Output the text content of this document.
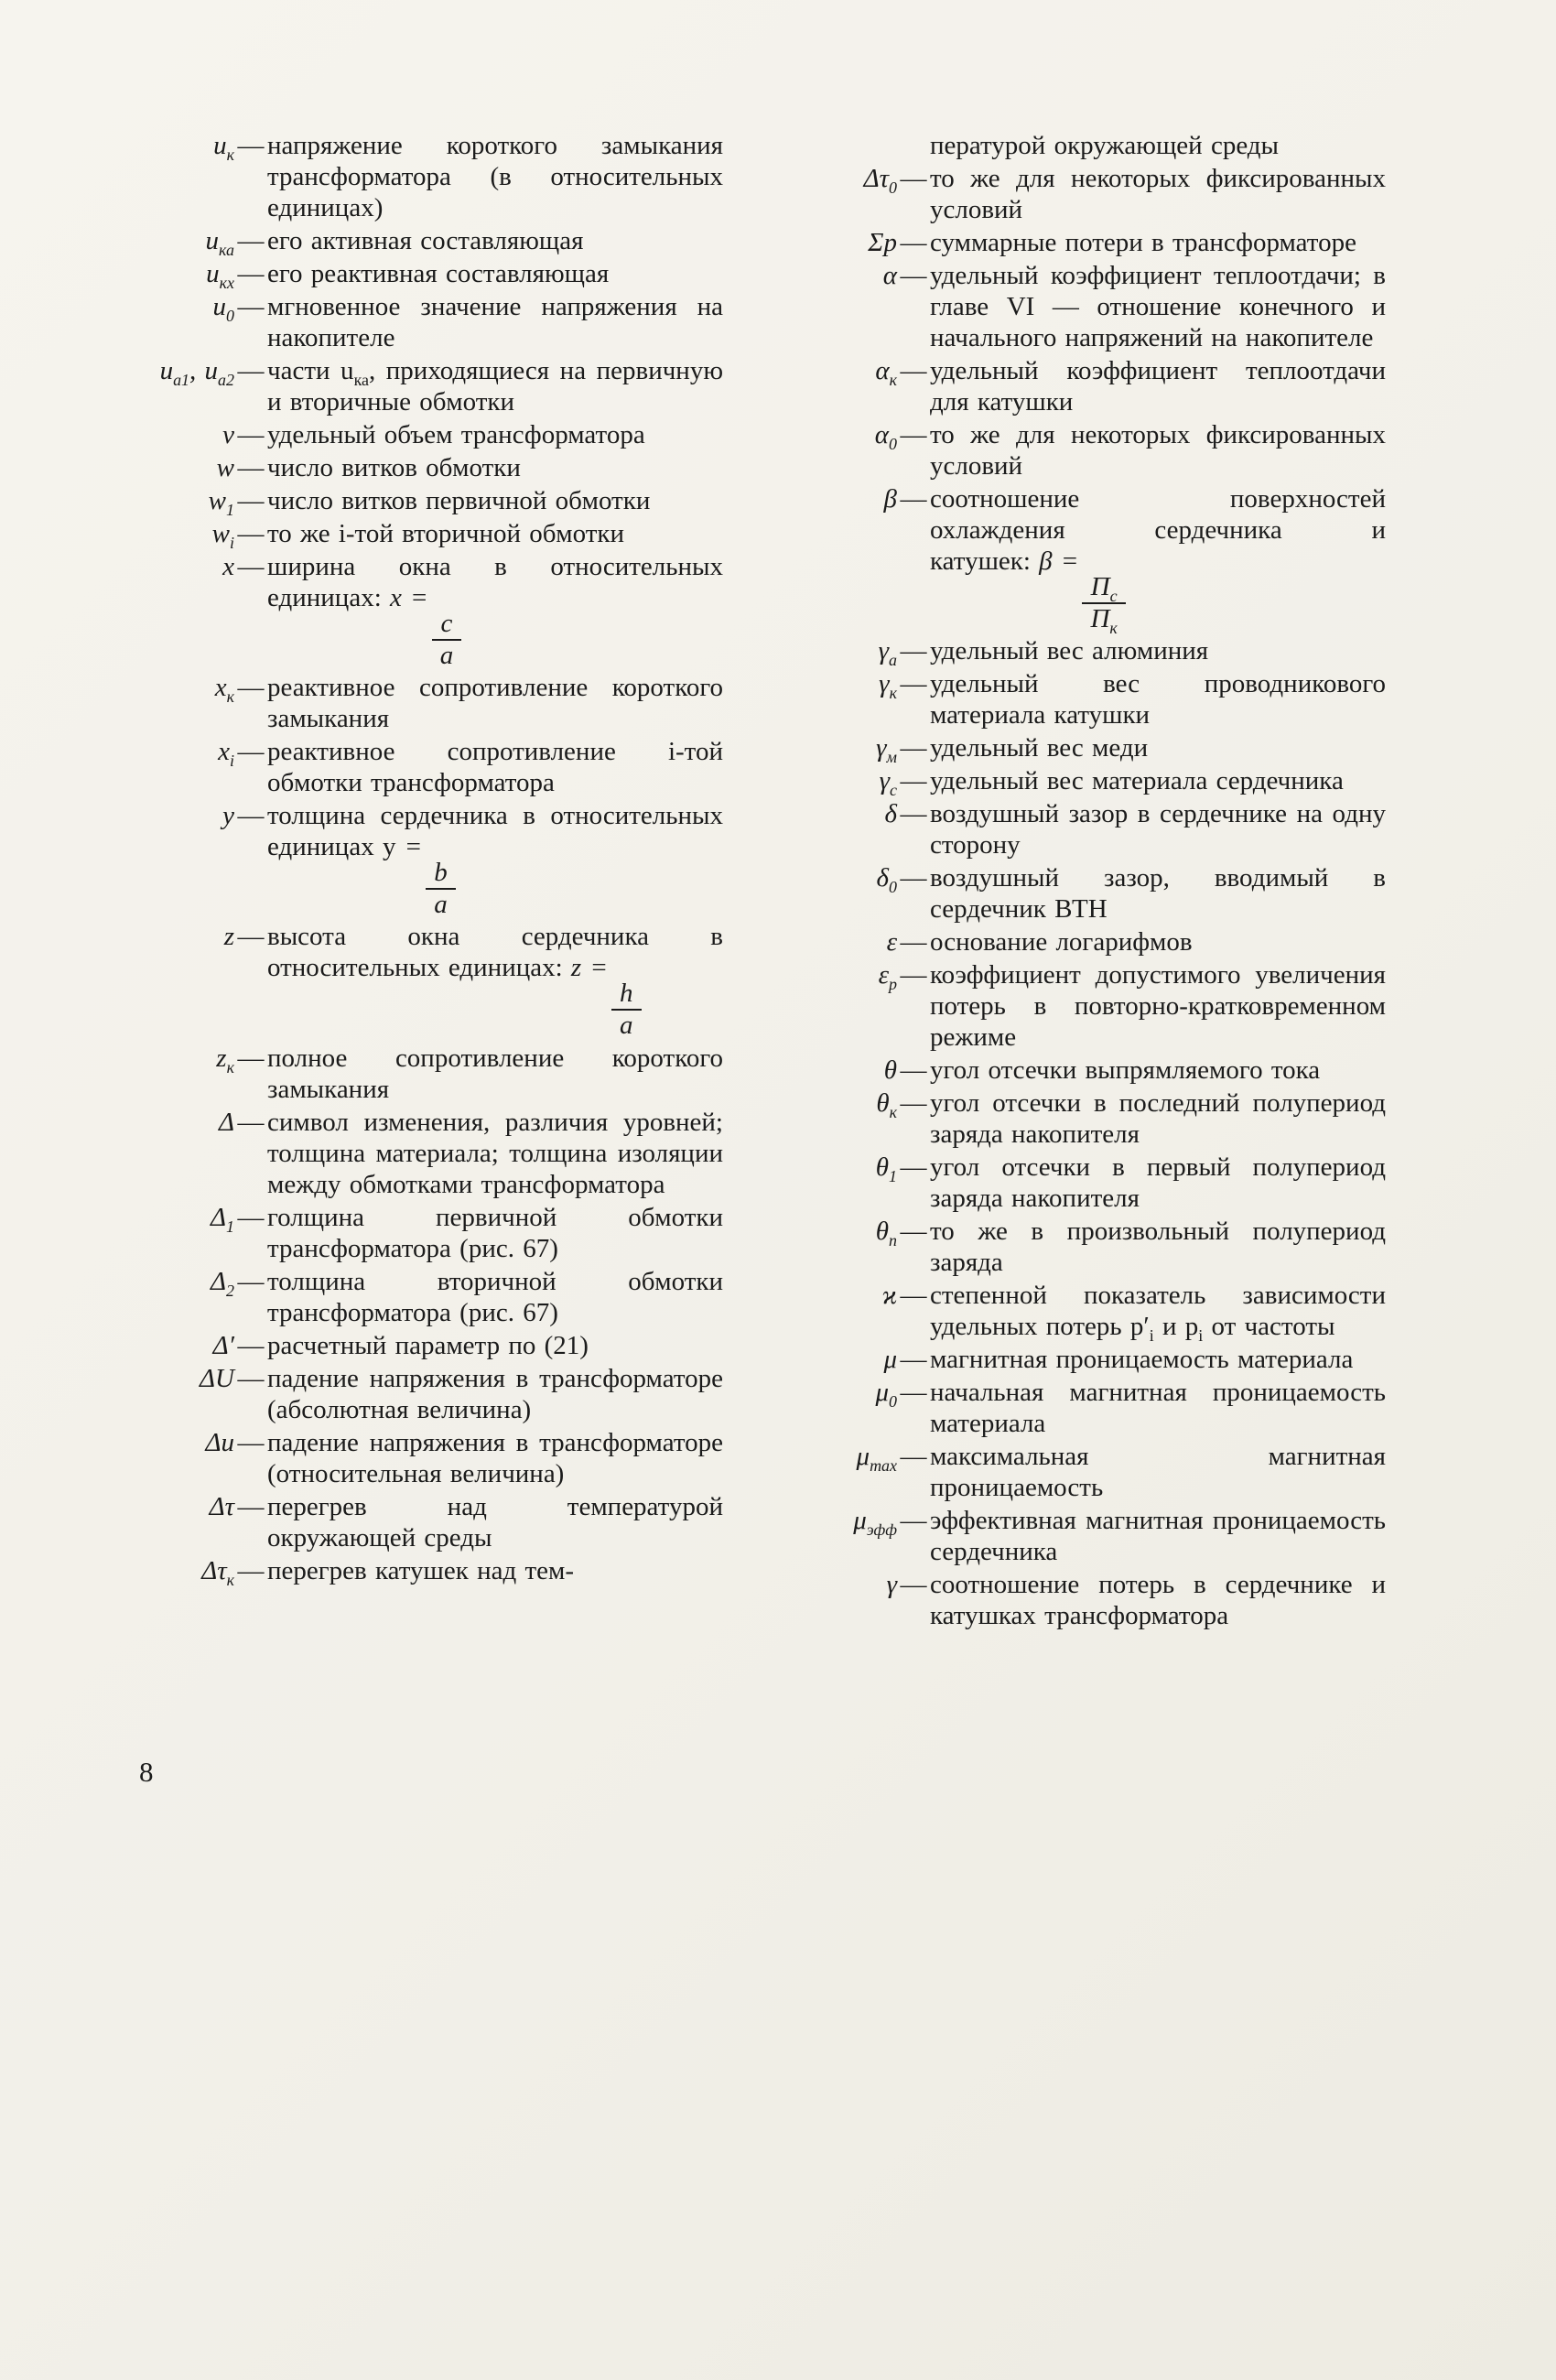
$u_к$ — напряжение короткого замыкания трансформатора (в относительных единицах)
$u_{ка}$ — его активная составляющая
$u_{кх}$ — его реактивная составляющая
$u_0$ — мгновенное значение напряжения на накопителе
$u_{а1}$, $u_{а2}$ — части $u_{ка}$, приходящиеся на первичную и вторичные обмотки
v — удельный объем трансформатора
w — число витков обмотки
$w_1$ — число витков первичной обмотки
$w_i$ — то же i-той вторичной обмотки
x — ширина окна в относительных единицах: x =
$\frac{c}{a}$
$x_к$ — реактивное сопротивление короткого замыкания
$x_i$ — реактивное сопротивление i-той обмотки трансформатора
y — толщина сердечника в относительных единицах y =
$\frac{b}{a}$
z — высота окна сердечника в относительных единицах: z =
$\frac{h}{a}$
$z_к$ — полное сопротивление короткого замыкания
Δ — символ изменения, различия уровней; толщина материала; толщина изоляции между обмотками трансформатора
$\Delta_1$ — голщина первичной обмотки трансформатора (рис. 67)
$\Delta_2$ — толщина вторичной обмотки трансформатора (рис. 67)
Δ′ — расчетный параметр по (21)
ΔU — падение напряжения в трансформаторе (абсолютная величина)
Δu — падение напряжения в трансформаторе (относительная величина)
Δτ — перегрев над температурой окружающей среды
$\Delta\tau_к$ — перегрев катушек над тем-
пературой окружающей среды
$\Delta\tau_0$ — то же для некоторых фиксированных условий
Σp — суммарные потери в трансформаторе
α — удельный коэффициент теплоотдачи; в главе VI — отношение конечного и начального напряжений на накопителе
$\alpha_к$ — удельный коэффициент теплоотдачи для катушки
$\alpha_0$ — то же для некоторых фиксированных условий
β — соотношение поверхностей охлаждения сердечника и катушек: β =
$\frac{П_с}{П_к}$
$\gamma_а$ — удельный вес алюминия
$\gamma_к$ — удельный вес проводникового материала катушки
$\gamma_м$ — удельный вес меди
$\gamma_с$ — удельный вес материала сердечника
δ — воздушный зазор в сердечнике на одну сторону
$\delta_0$ — воздушный зазор, вводимый в сердечник ВТН
ε — основание логарифмов
$\varepsilon_p$ — коэффициент допустимого увеличения потерь в повторно-кратковременном режиме
θ — угол отсечки выпрямляемого тока
$\theta_к$ — угол отсечки в последний полупериод заряда накопителя
$\theta_1$ — угол отсечки в первый полупериод заряда накопителя
$\theta_n$ — то же в произвольный полупериод заряда
ϰ — степенной показатель зависимости удельных потерь $p'_i$ и $p_i$ от частоты
μ — магнитная проницаемость материала
$\mu_0$ — начальная магнитная проницаемость материала
$\mu_{max}$ — максимальная магнитная проницаемость
$\mu_{эфф}$ — эффективная магнитная проницаемость сердечника
γ — соотношение потерь в сердечнике и катушках трансформатора
8
